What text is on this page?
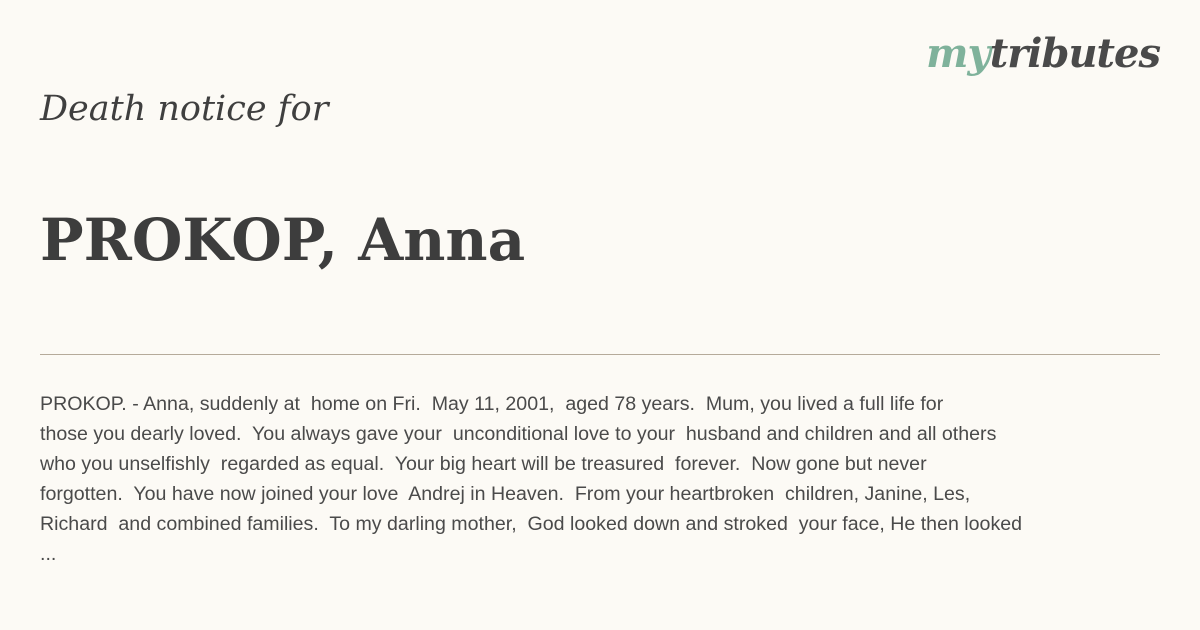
mytributes
Death notice for
PROKOP, Anna
PROKOP. - Anna, suddenly at  home on Fri.  May 11, 2001,  aged 78 years.  Mum, you lived a full life for
those you dearly loved.  You always gave your  unconditional love to your  husband and children and all others
who you unselfishly  regarded as equal.  Your big heart will be treasured  forever.  Now gone but never
forgotten.  You have now joined your love  Andrej in Heaven.  From your heartbroken  children, Janine, Les,
Richard  and combined families.  To my darling mother,  God looked down and stroked  your face, He then looked
...
